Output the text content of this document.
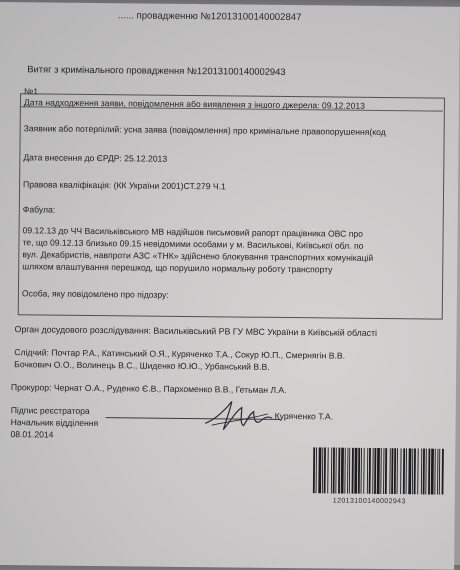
...... провадженню №12013100140002847
Витяг з кримінального провадження №12013100140002943
№1
Дата надходження заяви, повідомлення або виявлення з іншого джерела: 09.12.2013
Заявник або потерпілий: усна заява (повідомлення) про кримінальне правопорушення(код
Дата внесення до ЄРДР: 25.12.2013
Правова кваліфікація: (КК України 2001)СТ.279 Ч.1
Фабула:
09.12.13 до ЧЧ Васильківського МВ надійшов письмовий рапорт працівника ОВС про
те, що 09.12.13 близько 09.15 невідомими особами у м. Василькові, Київської обл. по
вул. Декабристів, навпроти АЗС «ТНК» здійснено блокування транспортних комунікацій
шляхом влаштування перешкод, що порушило нормальну роботу транспорту
Особа, яку повідомлено про підозру:
Орган досудового розслідування: Васильківський РВ ГУ МВС України в Київській області
Слідчий: Почтар Р.А., Катинський О.Я., Куряченко Т.А., Сокур Ю.П., Смернягін В.В.
Бочкович О.О., Волинець В.С., Шиденко Ю.Ю., Урбанський В.В.
Прокурор: Чернат О.А., Руденко Є.В., Пархоменко В.В., Гетьман Л.А.
Підпис реєстратора
Куряченко Т.А.
Начальник відділення
08.01.2014
12013100140002943
